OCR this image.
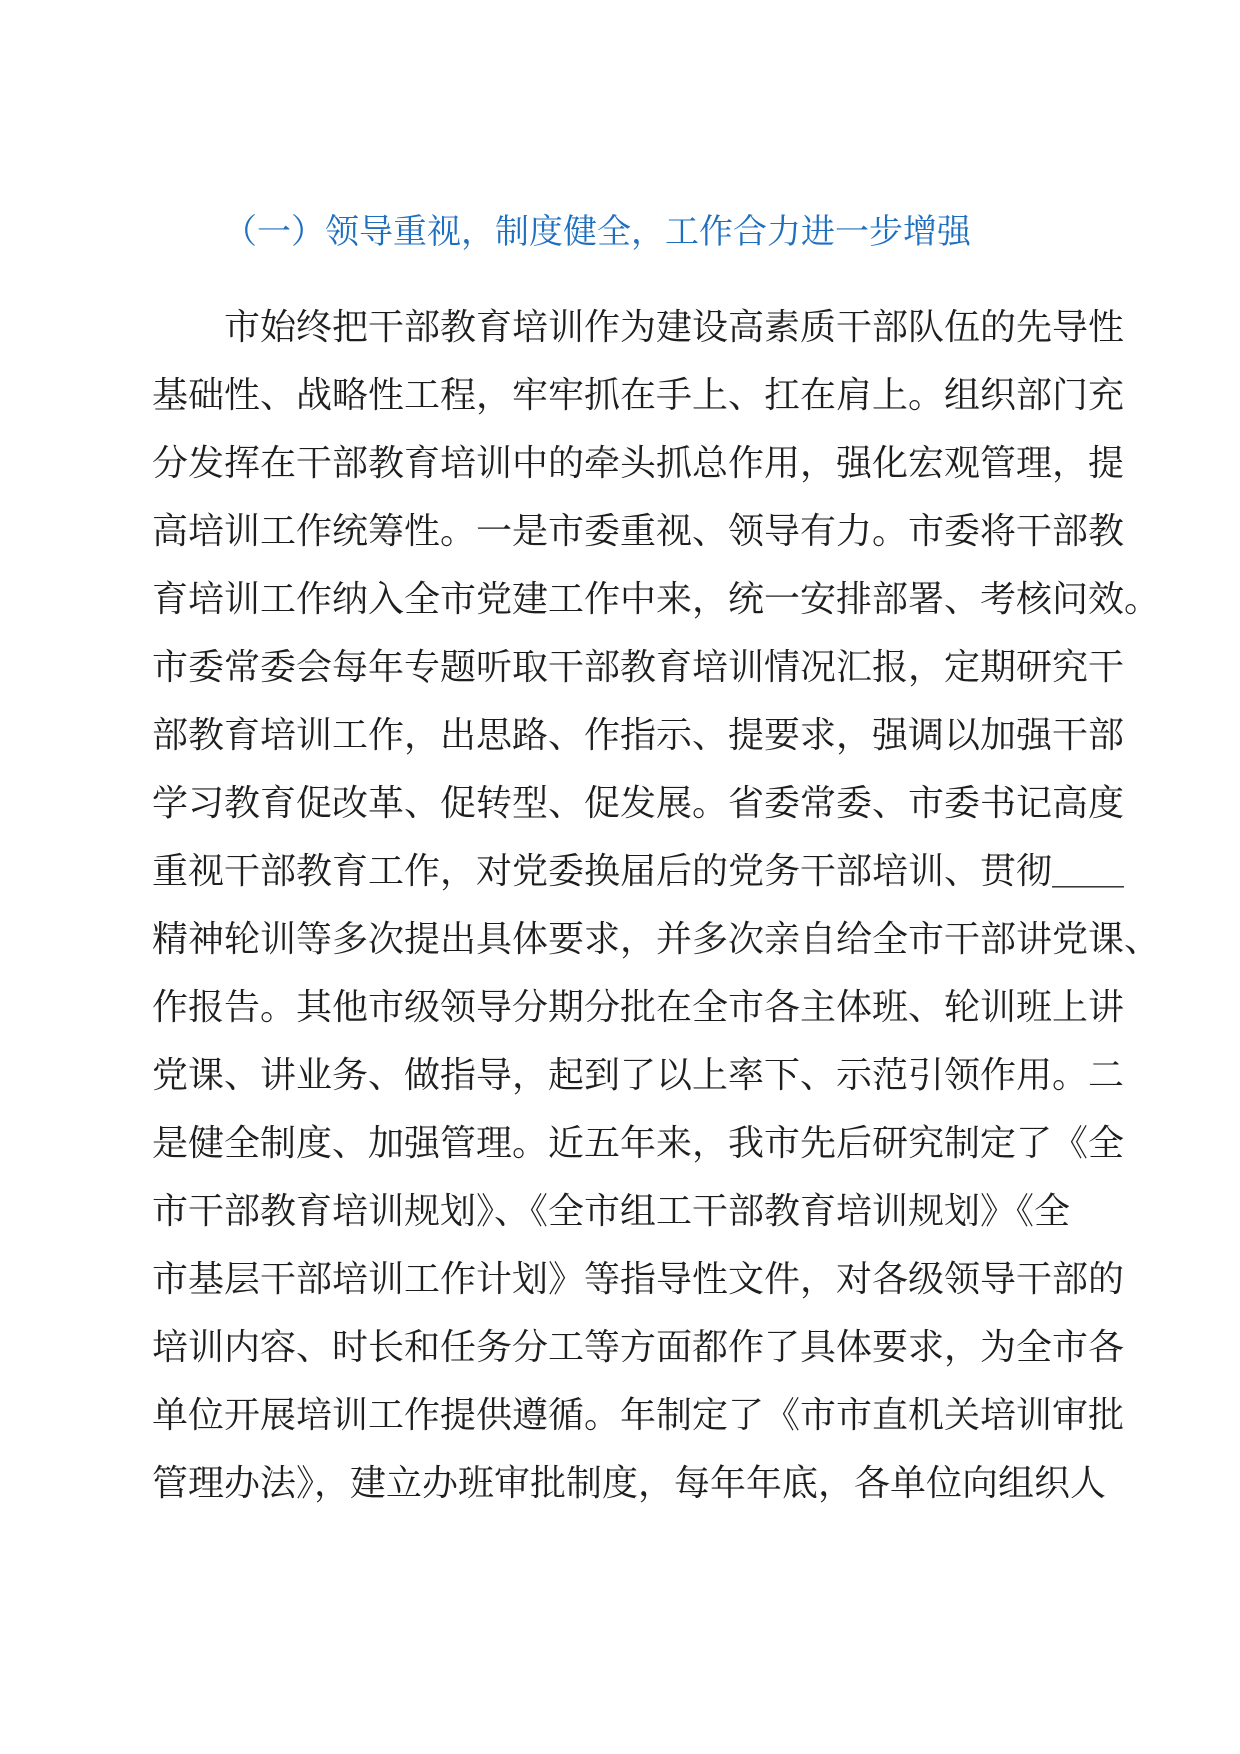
（一）领导重视，制度健全，工作合力进一步增强
市始终把干部教育培训作为建设高素质干部队伍的先导性
基础性、战略性工程，牢牢抓在手上、扛在肩上。组织部门充
分发挥在干部教育培训中的牵头抓总作用，强化宏观管理，提
高培训工作统筹性。一是市委重视、领导有力。市委将干部教
育培训工作纳入全市党建工作中来，统一安排部署、考核问效。
市委常委会每年专题听取干部教育培训情况汇报，定期研究干
部教育培训工作，出思路、作指示、提要求，强调以加强干部
学习教育促改革、促转型、促发展。省委常委、市委书记高度
重视干部教育工作，对党委换届后的党务干部培训、贯彻＿＿
精神轮训等多次提出具体要求，并多次亲自给全市干部讲党课、
作报告。其他市级领导分期分批在全市各主体班、轮训班上讲
党课、讲业务、做指导，起到了以上率下、示范引领作用。二
是健全制度、加强管理。近五年来，我市先后研究制定了《全
市干部教育培训规划》、《全市组工干部教育培训规划》《全
市基层干部培训工作计划》等指导性文件，对各级领导干部的
培训内容、时长和任务分工等方面都作了具体要求，为全市各
单位开展培训工作提供遵循。年制定了《市市直机关培训审批
管理办法》，建立办班审批制度，每年年底，各单位向组织人
